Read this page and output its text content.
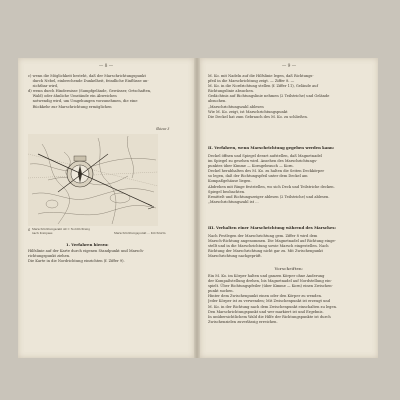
— 8 —
c) wenn die Möglichkeit besteht, daß der Marschrichtungspunkt
durch Nebel, einbrechende Dunkelheit, feindliche Einflüsse un-
sichtbar wird,
d) wenn durch Hindernisse (Sumpfgelände, Gewässer, Ortschaften,
Wald) oder ähnliche Umstände ein Abweichen
notwendig wird, um Umgehungen vorzunehmen, die eine
Rückkehr zur Marschrichtung ermöglichen
Skizze 3
S Marschrichtungszahl 40 = Nordrichtung
nach Kompass	Marschrichtungspunkt ... Kirchturm
1. Verfahren hierzu:
Hilfslinie auf der Karte durch eigenen Standpunkt und Marsch-
richtungspunkt ziehen.
Die Karte in die Nordrichtung einrichten (f. Ziffer 9).
— 9 —
M. Ko. mit Nadeln auf die Hilfslinie legen, daß Richtungs-
pfeil in die Marschrichtung zeigt. — Ziffer 8. —
M. Ko. in die Nordrichtung stellen (f. Ziffer 11), Gelände auf
Richtungslinie absuchen.
Gedächtnis auf Richtungslinie nehmen (2 Teilstriche) und Gelände
absuchen.
„Marschrichtungszahl ablesen
Wie M. Ko. zeigt, ist Marschrichtungspunkt
Die Deckel hat zum Gebrauch des M. Ko. zu schließen.
II. Verfahren, wenn Marschrichtung gegeben werden kann:
Deckel öffnen und Spiegel derart aufstellen, daß Magnetnadel
im Spiegel zu gesehen wird. Ansehen des Marschrichtungs-
punktes über Kimme — Korngebrauch — Korn.
Deckel herabhalten des M. Ko. zu halten die Seiten Deckkörper
so legen, daß der Richtungspfeil unter dem Deckel am
Kompaßgehäuse liegen.
Abdrehen mit Ringe feststellen, wo sich Deck und Teilstriche decken.
Spiegel beobachten.
Ermittelt und Richtungszeiger ablesen (2 Teilstriche) und ablesen.
„Marschrichtungszahl ist ...
III. Verhalten einer Marschrichtung während des Marsches:
Nach Festlegen der Marschrichtung gem. Ziffer 8 wird dem
Marsch-Richtung angenommen. Die Magnetnadel auf Richtung einge-
stellt und in die Marschrichtung sowie Marsch eingestellen. Nach
Richtung der Marschrichtung nicht gar zu. Mit Zwischenpunkt
Marschrichtung nachgeprüft.
Vorschriften:
Ein M. Ko. im Körper halten und ganzen Körper ohne Änderung
der Kompaßstellung drehen, bis Magnetnadel auf Nordstellung ein-
spielt. Über Richtungspfeiler (über Kimme — Korn) einen Zwischen-
punkt suchen.
Hinter dem Zwischenpunkt einen oder den Körper zu wenden.
Jeder Körper ist zu verwenden; Mit Zwischenpunkt ist erzeugt und
M. Ko. in der Richtung nach dem Zwischenpunkt einschalten zu legen.
Den Marschrichtungspunkt und wer markiert ist und Ergebnis.
In unübersichtlichem Wald die Hilfe der Richtungspunkte ist durch
Zwischenzielen zuverlässig erreichen.
